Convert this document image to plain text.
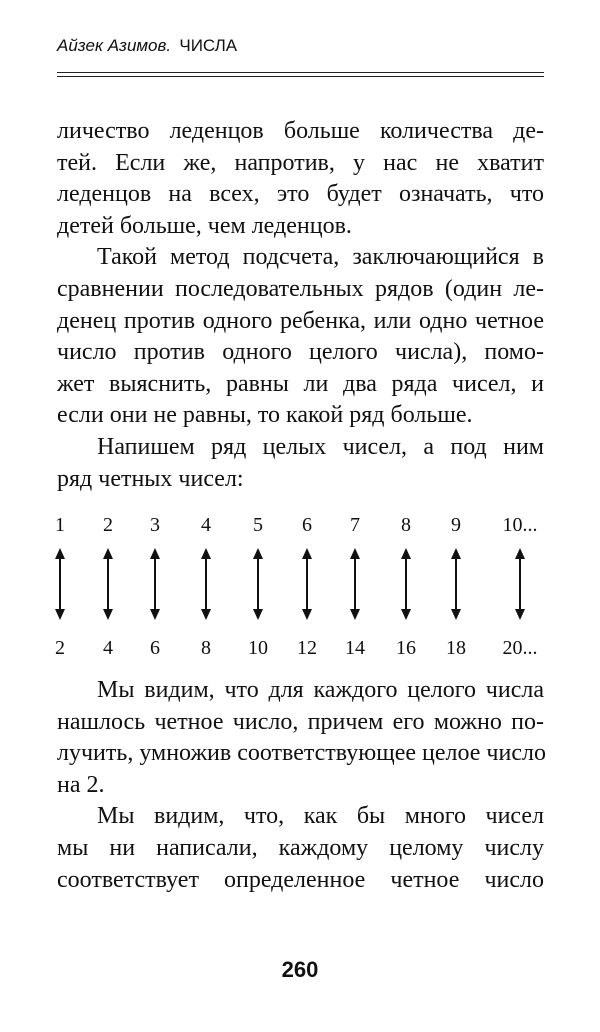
Айзек Азимов. ЧИСЛА
личество леденцов больше количества де-
тей. Если же, напротив, у нас не хватит
леденцов на всех, это будет означать, что
детей больше, чем леденцов.
Такой метод подсчета, заключающийся в
сравнении последовательных рядов (один ле-
денец против одного ребенка, или одно четное
число против одного целого числа), помо-
жет выяснить, равны ли два ряда чисел, и
если они не равны, то какой ряд больше.
Напишем ряд целых чисел, а под ним
ряд четных чисел:
1
2
2
4
3
6
4
8
5
10
6
12
7
14
8
16
9
18
10...
20...
Мы видим, что для каждого целого числа
нашлось четное число, причем его можно по-
лучить, умножив соответствующее целое число
на 2.
Мы видим, что, как бы много чисел
мы ни написали, каждому целому числу
соответствует определенное четное число
260
